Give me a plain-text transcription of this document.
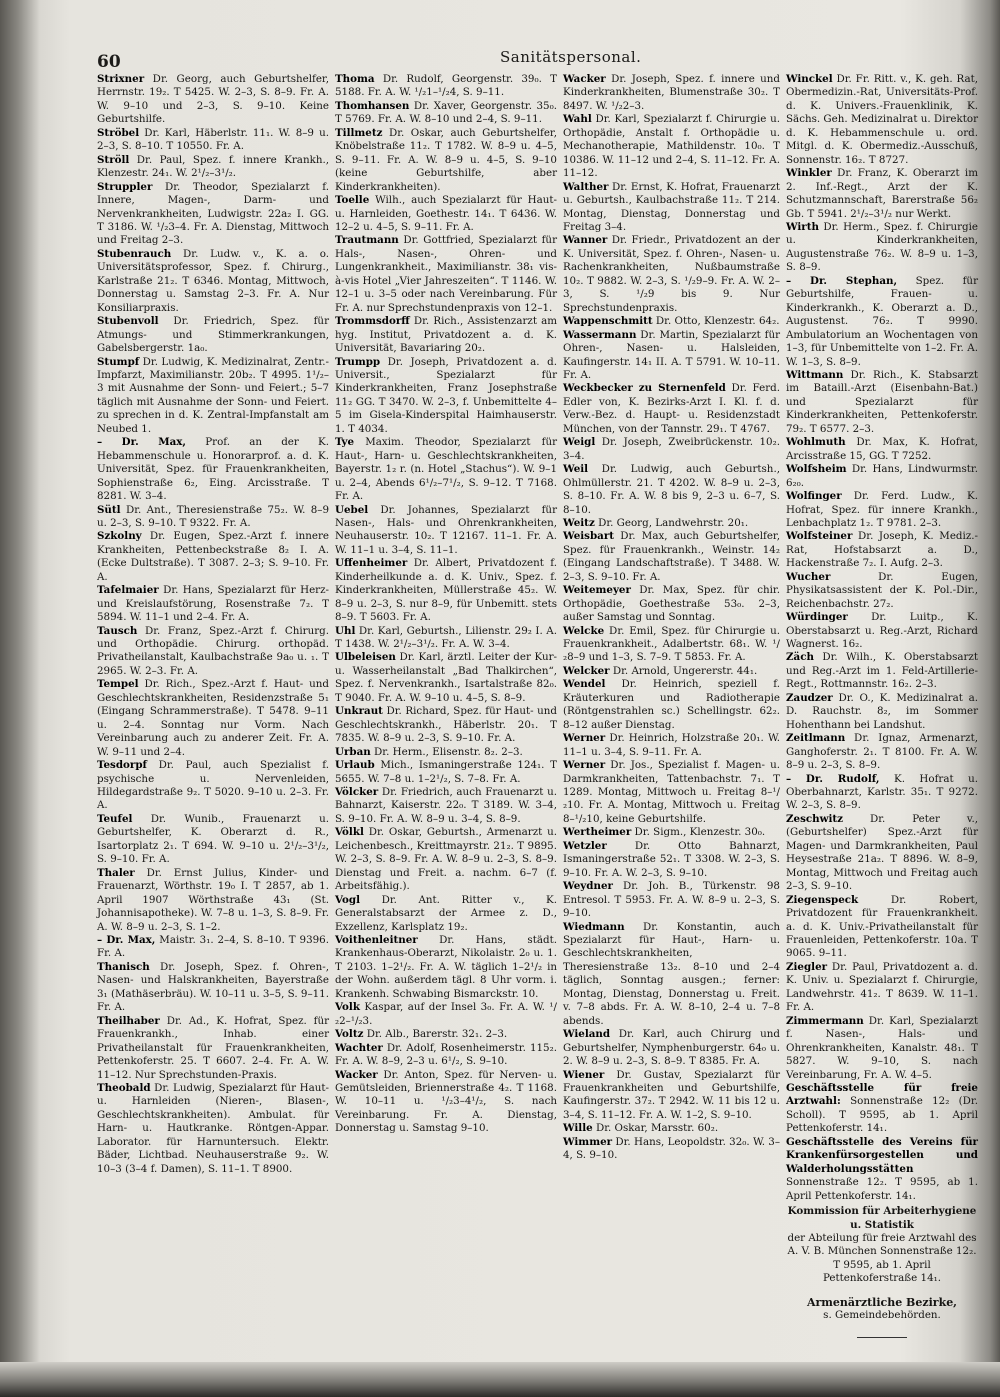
60	Sanitätspersonal.
Strixner Dr. Georg, auch Geburtshelfer, Herrnstr. 19₂. T 5425. W. 2–3, S. 8–9. Fr. A. W. 9–10 und 2–3, S. 9–10. Keine Geburtshilfe.
Ströbel Dr. Karl, Häberlstr. 11₁. W. 8–9 u. 2–3, S. 8–10. T 10550. Fr. A.
Ströll Dr. Paul, Spez. f. innere Krankh., Klenzestr. 24₁. W. 2¹/₂–3¹/₂.
Struppler Dr. Theodor, Spezialarzt f. Innere, Magen-, Darm- und Nervenkrankheiten, Ludwigstr. 22a₂ I. GG. T 3186. W. ¹/₂3–4. Fr. A. Dienstag, Mittwoch und Freitag 2–3.
Stubenrauch Dr. Ludw. v., K. a. o. Universitätsprofessor, Spez. f. Chirurg., Karlstraße 21₂. T 6346. Montag, Mittwoch, Donnerstag u. Samstag 2–3. Fr. A. Nur Konsiliarpraxis.
Stubenvoll Dr. Friedrich, Spez. für Atmungs- und Stimmerkrankungen, Gabelsbergerstr. 1a₀.
Stumpf Dr. Ludwig, K. Medizinalrat, Zentr.-Impfarzt, Maximilianstr. 20b₂. T 4995. 1¹/₂–3 mit Ausnahme der Sonn- und Feiert.; 5–7 täglich mit Ausnahme der Sonn- und Feiert. zu sprechen in d. K. Zentral-Impfanstalt am Neubed 1.
– Dr. Max, Prof. an der K. Hebammenschule u. Honorarprof. a. d. K. Universität, Spez. für Frauenkrankheiten, Sophienstraße 6₂, Eing. Arcisstraße. T 8281. W. 3–4.
Sütl Dr. Ant., Theresienstraße 75₂. W. 8–9 u. 2–3, S. 9–10. T 9322. Fr. A.
Szkolny Dr. Eugen, Spez.-Arzt f. innere Krankheiten, Pettenbeckstraße 8₂ I. A. (Ecke Dultstraße). T 3087. 2–3; S. 9–10. Fr. A.
Tafelmaier Dr. Hans, Spezialarzt für Herz- und Kreislaufstörung, Rosenstraße 7₂. T 5894. W. 11–1 und 2–4. Fr. A.
Tausch Dr. Franz, Spez.-Arzt f. Chirurg. und Orthopädie. Chirurg. orthopäd. Privatheilanstalt, Kaulbachstraße 9a₀ u. ₁. T 2965. W. 2–3. Fr. A.
Tempel Dr. Rich., Spez.-Arzt f. Haut- und Geschlechtskrankheiten, Residenzstraße 5₁ (Eingang Schrammerstraße). T 5478. 9–11 u. 2–4. Sonntag nur Vorm. Nach Vereinbarung auch zu anderer Zeit. Fr. A. W. 9–11 und 2–4.
Tesdorpf Dr. Paul, auch Spezialist f. psychische u. Nervenleiden, Hildegardstraße 9₂. T 5020. 9–10 u. 2–3. Fr. A.
Teufel Dr. Wunib., Frauenarzt u. Geburtshelfer, K. Oberarzt d. R., Isartorplatz 2₁. T 694. W. 9–10 u. 2¹/₂–3¹/₂, S. 9–10. Fr. A.
Thaler Dr. Ernst Julius, Kinder- und Frauenarzt, Wörthstr. 19₀ I. T 2857, ab 1. April 1907 Wörthstraße 43₁ (St. Johannisapotheke). W. 7–8 u. 1–3, S. 8–9. Fr. A. W. 8–9 u. 2–3, S. 1–2.
– Dr. Max, Maistr. 3₁. 2–4, S. 8–10. T 9396. Fr. A.
Thanisch Dr. Joseph, Spez. f. Ohren-, Nasen- und Halskrankheiten, Bayerstraße 3₁ (Mathäserbräu). W. 10–11 u. 3–5, S. 9–11. Fr. A.
Theilhaber Dr. Ad., K. Hofrat, Spez. für Frauenkrankh., Inhab. einer Privatheilanstalt für Frauenkrankheiten, Pettenkoferstr. 25. T 6607. 2–4. Fr. A. W. 11–12. Nur Sprechstunden-Praxis.
Theobald Dr. Ludwig, Spezialarzt für Haut- u. Harnleiden (Nieren-, Blasen-, Geschlechtskrankheiten). Ambulat. für Harn- u. Hautkranke. Röntgen-Appar. Laborator. für Harnuntersuch. Elektr. Bäder, Lichtbad. Neuhauserstraße 9₂. W. 10–3 (3–4 f. Damen), S. 11–1. T 8900.
Thoma Dr. Rudolf, Georgenstr. 39₀. T 5188. Fr. A. W. ¹/₂1–¹/₂4, S. 9–11.
Thomhansen Dr. Xaver, Georgenstr. 35₀. T 5769. Fr. A. W. 8–10 und 2–4, S. 9–11.
Tillmetz Dr. Oskar, auch Geburtshelfer, Knöbelstraße 11₂. T 1782. W. 8–9 u. 4–5, S. 9–11. Fr. A. W. 8–9 u. 4–5, S. 9–10 (keine Geburtshilfe, aber Kinderkrankheiten).
Toelle Wilh., auch Spezialarzt für Haut- u. Harnleiden, Goethestr. 14₁. T 6436. W. 12–2 u. 4–5, S. 9–11. Fr. A.
Trautmann Dr. Gottfried, Spezialarzt für Hals-, Nasen-, Ohren- und Lungenkrankheit., Maximilianstr. 38₁ vis-à-vis Hotel „Vier Jahreszeiten“. T 1146. W. 12–1 u. 3–5 oder nach Vereinbarung. Für Fr. A. nur Sprechstundenpraxis von 12–1.
Trommsdorff Dr. Rich., Assistenzarzt am hyg. Institut, Privatdozent a. d. K. Universität, Bavariaring 20₂.
Trumpp Dr. Joseph, Privatdozent a. d. Universit., Spezialarzt für Kinderkrankheiten, Franz Josephstraße 11₂ GG. T 3470. W. 2–3, f. Unbemittelte 4–5 im Gisela-Kinderspital Haimhauserstr. 1. T 4034.
Tye Maxim. Theodor, Spezialarzt für Haut-, Harn- u. Geschlechtskrankheiten, Bayerstr. 1₂ r. (n. Hotel „Stachus“). W. 9–1 u. 2–4, Abends 6¹/₂–7¹/₂, S. 9–12. T 7168. Fr. A.
Uebel Dr. Johannes, Spezialarzt für Nasen-, Hals- und Ohrenkrankheiten, Neuhauserstr. 10₂. T 12167. 11–1. Fr. A. W. 11–1 u. 3–4, S. 11–1.
Uffenheimer Dr. Albert, Privatdozent f. Kinderheilkunde a. d. K. Univ., Spez. f. Kinderkrankheiten, Müllerstraße 45₂. W. 8–9 u. 2–3, S. nur 8–9, für Unbemitt. stets 8–9. T 5603. Fr. A.
Uhl Dr. Karl, Geburtsh., Lilienstr. 29₂ I. A. T 1438. W. 2¹/₂–3¹/₂. Fr. A. W. 3–4.
Ulbeleisen Dr. Karl, ärztl. Leiter der Kur- u. Wasserheilanstalt „Bad Thalkirchen“, Spez. f. Nervenkrankh., Isartalstraße 82₀. T 9040. Fr. A. W. 9–10 u. 4–5, S. 8–9.
Unkraut Dr. Richard, Spez. für Haut- und Geschlechtskrankh., Häberlstr. 20₁. T 7835. W. 8–9 u. 2–3, S. 9–10. Fr. A.
Urban Dr. Herm., Elisenstr. 8₂. 2–3.
Urlaub Mich., Ismaningerstraße 124₁. T 5655. W. 7–8 u. 1–2¹/₂, S. 7–8. Fr. A.
Völcker Dr. Friedrich, auch Frauenarzt u. Bahnarzt, Kaiserstr. 22₀. T 3189. W. 3–4, S. 9–10. Fr. A. W. 8–9 u. 3–4, S. 8–9.
Völkl Dr. Oskar, Geburtsh., Armenarzt u. Leichenbesch., Kreittmayrstr. 21₂. T 9895. W. 2–3, S. 8–9. Fr. A. W. 8–9 u. 2–3, S. 8–9. Dienstag und Freit. a. nachm. 6–7 (f. Arbeitsfähig.).
Vogl Dr. Ant. Ritter v., K. Generalstabsarzt der Armee z. D., Exzellenz, Karlsplatz 19₂.
Voithenleitner Dr. Hans, städt. Krankenhaus-Oberarzt, Nikolaistr. 2₀ u. 1. T 2103. 1–2¹/₂. Fr. A. W. täglich 1–2¹/₂ in der Wohn. außerdem tägl. 8 Uhr vorm. i. Krankenh. Schwabing Bismarckstr. 10.
Volk Kaspar, auf der Insel 3₀. Fr. A. W. ¹/₂2–¹/₂3.
Voltz Dr. Alb., Barerstr. 32₁. 2–3.
Wachter Dr. Adolf, Rosenheimerstr. 115₂. Fr. A. W. 8–9, 2–3 u. 6¹/₂, S. 9–10.
Wacker Dr. Anton, Spez. für Nerven- u. Gemütsleiden, Briennerstraße 4₂. T 1168. W. 10–11 u. ¹/₂3–4¹/₂, S. nach Vereinbarung. Fr. A. Dienstag, Donnerstag u. Samstag 9–10.
Wacker Dr. Joseph, Spez. f. innere und Kinderkrankheiten, Blumenstraße 30₂. T 8497. W. ¹/₂2–3.
Wahl Dr. Karl, Spezialarzt f. Chirurgie u. Orthopädie, Anstalt f. Orthopädie u. Mechanotherapie, Mathildenstr. 10₀. T 10386. W. 11–12 und 2–4, S. 11–12. Fr. A. 11–12.
Walther Dr. Ernst, K. Hofrat, Frauenarzt u. Geburtsh., Kaulbachstraße 11₂. T 214. Montag, Dienstag, Donnerstag und Freitag 3–4.
Wanner Dr. Friedr., Privatdozent an der K. Universität, Spez. f. Ohren-, Nasen- u. Rachenkrankheiten, Nußbaumstraße 10₂. T 9882. W. 2–3, S. ¹/₂9–9. Fr. A. W. 2–3, S. ¹/₂9 bis 9. Nur Sprechstundenpraxis.
Wappenschmitt Dr. Otto, Klenzestr. 64₂.
Wassermann Dr. Martin, Spezialarzt für Ohren-, Nasen- u. Halsleiden, Kaufingerstr. 14₁ II. A. T 5791. W. 10–11. Fr. A.
Weckbecker zu Sternenfeld Dr. Ferd. Edler von, K. Bezirks-Arzt I. Kl. f. d. Verw.-Bez. d. Haupt- u. Residenzstadt München, von der Tannstr. 29₁. T 4767.
Weigl Dr. Joseph, Zweibrückenstr. 10₂. 3–4.
Weil Dr. Ludwig, auch Geburtsh., Ohlmüllerstr. 21. T 4202. W. 8–9 u. 2–3, S. 8–10. Fr. A. W. 8 bis 9, 2–3 u. 6–7, S. 8–10.
Weitz Dr. Georg, Landwehrstr. 20₁.
Weisbart Dr. Max, auch Geburtshelfer, Spez. für Frauenkrankh., Weinstr. 14₂ (Eingang Landschaftstraße). T 3488. W. 2–3, S. 9–10. Fr. A.
Weitemeyer Dr. Max, Spez. für chir. Orthopädie, Goethestraße 53₀. 2–3, außer Samstag und Sonntag.
Welcke Dr. Emil, Spez. für Chirurgie u. Frauenkrankheit., Adalbertstr. 68₁. W. ¹/₂8–9 und 1–3, S. 7–9. T 5853. Fr. A.
Welcker Dr. Arnold, Ungererstr. 44₁.
Wendel Dr. Heinrich, speziell f. Kräuterkuren und Radiotherapie (Röntgenstrahlen sc.) Schellingstr. 62₂. 8–12 außer Dienstag.
Werner Dr. Heinrich, Holzstraße 20₁. W. 11–1 u. 3–4, S. 9–11. Fr. A.
Werner Dr. Jos., Spezialist f. Magen- u. Darmkrankheiten, Tattenbachstr. 7₁. T 1289. Montag, Mittwoch u. Freitag 8–¹/₂10. Fr. A. Montag, Mittwoch u. Freitag 8–¹/₂10, keine Geburtshilfe.
Wertheimer Dr. Sigm., Klenzestr. 30₀.
Wetzler Dr. Otto Bahnarzt, Ismaningerstraße 52₁. T 3308. W. 2–3, S. 9–10. Fr. A. W. 2–3, S. 9–10.
Weydner Dr. Joh. B., Türkenstr. 98 Entresol. T 5953. Fr. A. W. 8–9 u. 2–3, S. 9–10.
Wiedmann Dr. Konstantin, auch Spezialarzt für Haut-, Harn- u. Geschlechtskrankheiten, Theresienstraße 13₂. 8–10 und 2–4 täglich, Sonntag ausgen.; ferner: Montag, Dienstag, Donnerstag u. Freit. v. 7–8 abds. Fr. A. W. 8–10, 2–4 u. 7–8 abends.
Wieland Dr. Karl, auch Chirurg und Geburtshelfer, Nymphenburgerstr. 64₀ u. 2. W. 8–9 u. 2–3, S. 8–9. T 8385. Fr. A.
Wiener Dr. Gustav, Spezialarzt für Frauenkrankheiten und Geburtshilfe, Kaufingerstr. 37₂. T 2942. W. 11 bis 12 u. 3–4, S. 11–12. Fr. A. W. 1–2, S. 9–10.
Wille Dr. Oskar, Marsstr. 60₂.
Wimmer Dr. Hans, Leopoldstr. 32₀. W. 3–4, S. 9–10.
Winckel Dr. Fr. Ritt. v., K. geh. Rat, Obermedizin.-Rat, Universitäts-Prof. d. K. Univers.-Frauenklinik, K. Sächs. Geh. Medizinalrat u. Direktor d. K. Hebammenschule u. ord. Mitgl. d. K. Obermediz.-Ausschuß, Sonnenstr. 16₂. T 8727.
Winkler Dr. Franz, K. Oberarzt im 2. Inf.-Regt., Arzt der K. Schutzmannschaft, Barerstraße 56₂ Gb. T 5941. 2¹/₂–3¹/₂ nur Werkt.
Wirth Dr. Herm., Spez. f. Chirurgie u. Kinderkrankheiten, Augustenstraße 76₂. W. 8–9 u. 1–3, S. 8–9.
– Dr. Stephan, Spez. für Geburtshilfe, Frauen- u. Kinderkrankh., K. Oberarzt a. D., Augustenst. 76₂. T 9990. Ambulatorium an Wochentagen von 1–3, für Unbemittelte von 1–2. Fr. A. W. 1–3, S. 8–9.
Wittmann Dr. Rich., K. Stabsarzt im Bataill.-Arzt (Eisenbahn-Bat.) und Spezialarzt für Kinderkrankheiten, Pettenkoferstr. 79₂. T 6577. 2–3.
Wohlmuth Dr. Max, K. Hofrat, Arcisstraße 15, GG. T 7252.
Wolfsheim Dr. Hans, Lindwurmstr. 6₂₀.
Wolfinger Dr. Ferd. Ludw., K. Hofrat, Spez. für innere Krankh., Lenbachplatz 1₂. T 9781. 2–3.
Wolfsteiner Dr. Joseph, K. Mediz.-Rat, Hofstabsarzt a. D., Hackenstraße 7₂. I. Aufg. 2–3.
Wucher Dr. Eugen, Physikatsassistent der K. Pol.-Dir., Reichenbachstr. 27₂.
Würdinger Dr. Luitp., K. Oberstabsarzt u. Reg.-Arzt, Richard Wagnerst. 16₂.
Zäch Dr. Wilh., K. Oberstabsarzt und Reg.-Arzt im 1. Feld-Artillerie-Regt., Rottmannstr. 16₂. 2–3.
Zaudzer Dr. O., K. Medizinalrat a. D. Rauchstr. 8₂, im Sommer Hohenthann bei Landshut.
Zeitlmann Dr. Ignaz, Armenarzt, Ganghoferstr. 2₁. T 8100. Fr. A. W. 8–9 u. 2–3, S. 8–9.
– Dr. Rudolf, K. Hofrat u. Oberbahnarzt, Karlstr. 35₁. T 9272. W. 2–3, S. 8–9.
Zeschwitz Dr. Peter v., (Geburtshelfer) Spez.-Arzt für Magen- und Darmkrankheiten, Paul Heysestraße 21a₂. T 8896. W. 8–9, Montag, Mittwoch und Freitag auch 2–3, S. 9–10.
Ziegenspeck Dr. Robert, Privatdozent für Frauenkrankheit. a. d. K. Univ.-Privatheilanstalt für Frauenleiden, Pettenkoferstr. 10a. T 9065. 9–11.
Ziegler Dr. Paul, Privatdozent a. d. K. Univ. u. Spezialarzt f. Chirurgie, Landwehrstr. 41₂. T 8639. W. 11–1. Fr. A.
Zimmermann Dr. Karl, Spezialarzt f. Nasen-, Hals- und Ohrenkrankheiten, Kanalstr. 48₁. T 5827. W. 9–10, S. nach Vereinbarung, Fr. A. W. 4–5.
Geschäftsstelle für freie Arztwahl: Sonnenstraße 12₂ (Dr. Scholl). T 9595, ab 1. April Pettenkoferstr. 14₁.
Geschäftsstelle des Vereins für Krankenfürsorgestellen und Walderholungsstätten Sonnenstraße 12₂. T 9595, ab 1. April Pettenkoferstr. 14₁.
Kommission für Arbeiterhygiene u. Statistik
der Abteilung für freie Arztwahl des A. V. B. München Sonnenstraße 12₂. T 9595, ab 1. April Pettenkoferstraße 14₁.
Armenärztliche Bezirke,
s. Gemeindebehörden.
